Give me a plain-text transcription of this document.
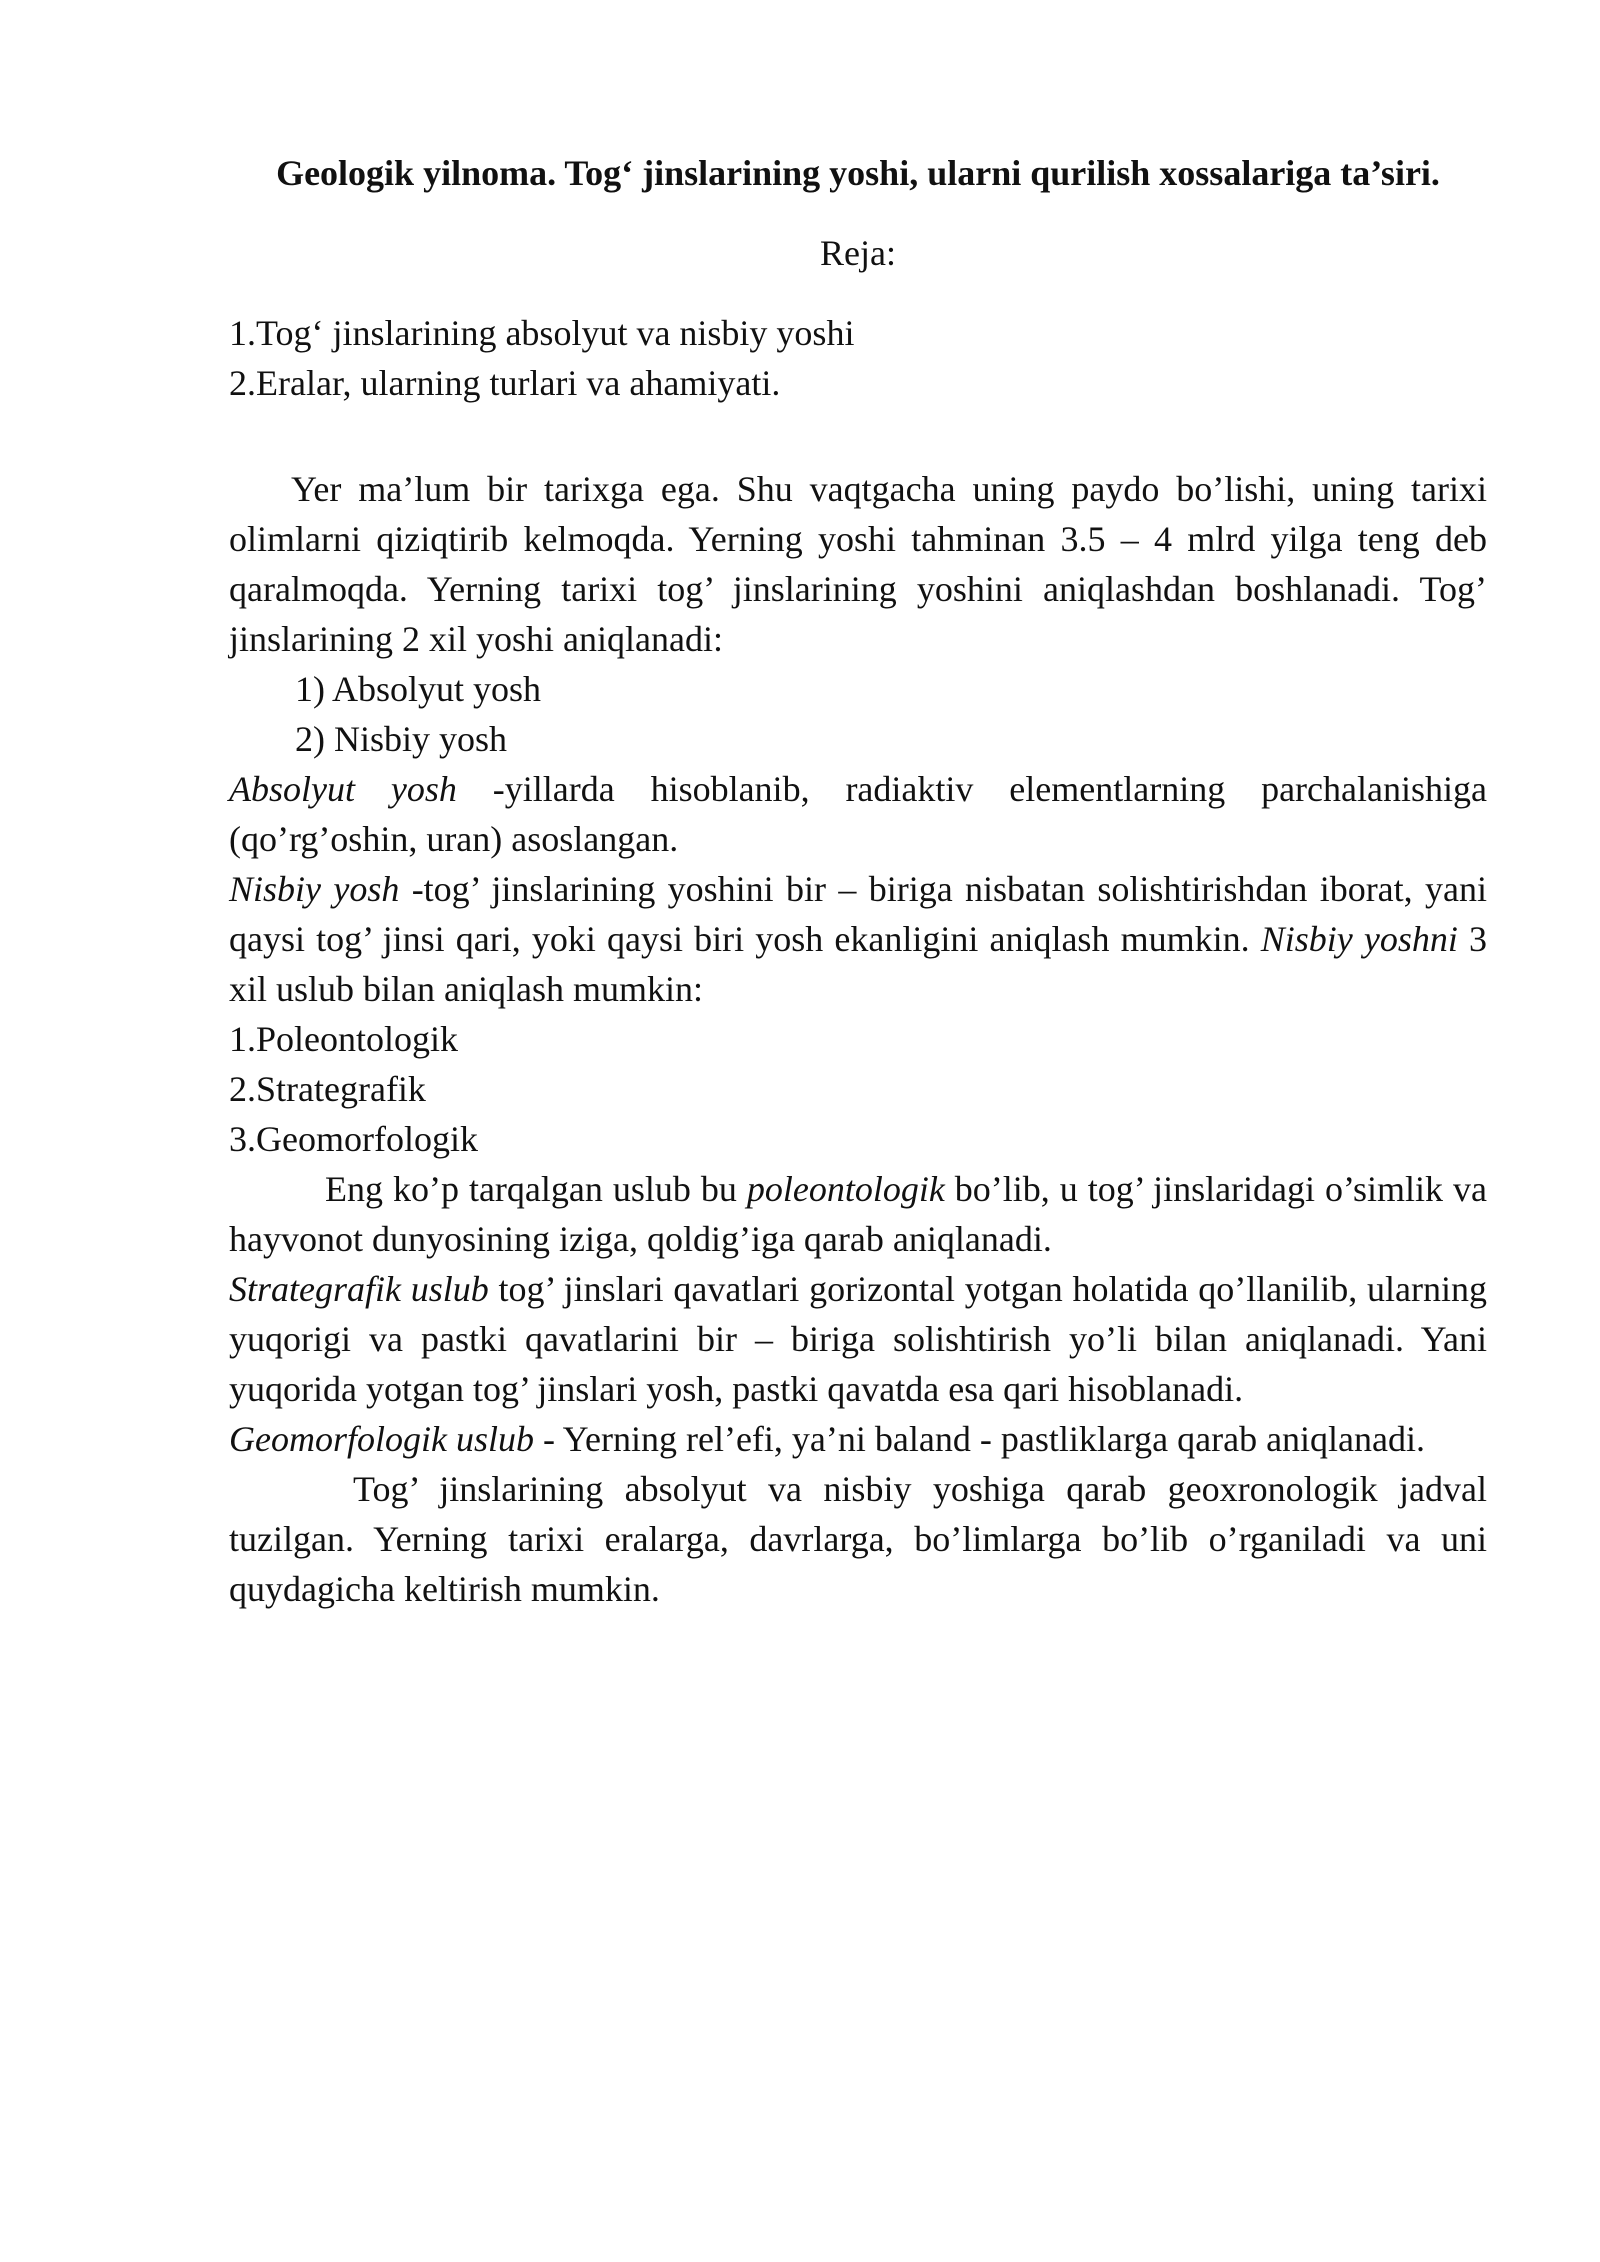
Geologik yilnoma. Tog‘ jinslarining yoshi, ularni qurilish xossalariga ta’siri.
Reja:
1.Tog‘ jinslarining absolyut va nisbiy yoshi
2.Eralar, ularning turlari va ahamiyati.

Yer ma’lum bir tarixga ega. Shu vaqtgacha uning paydo bo’lishi, uning tarixi olimlarni qiziqtirib kelmoqda. Yerning yoshi tahminan 3.5 – 4 mlrd yilga teng deb qaralmoqda. Yerning tarixi tog’ jinslarining yoshini aniqlashdan boshlanadi. Tog’ jinslarining 2 xil yoshi aniqlanadi:

1) Absolyut yosh
2) Nisbiy yosh

Absolyut yosh -yillarda hisoblanib, radiaktiv elementlarning parchalanishiga (qo’rg’oshin, uran) asoslangan.

Nisbiy yosh -tog’ jinslarining yoshini bir – biriga nisbatan solishtirishdan iborat, yani qaysi tog’ jinsi qari, yoki qaysi biri yosh ekanligini aniqlash mumkin. Nisbiy yoshni 3 xil uslub bilan aniqlash mumkin:

1.Poleontologik
2.Strategrafik
3.Geomorfologik

Eng ko’p tarqalgan uslub bu poleontologik bo’lib, u tog’ jinslaridagi o’simlik va hayvonot dunyosining iziga, qoldig’iga qarab aniqlanadi.

Strategrafik uslub tog’ jinslari qavatlari gorizontal yotgan holatida qo’llanilib, ularning yuqorigi va pastki qavatlarini bir – biriga solishtirish yo’li bilan aniqlanadi. Yani yuqorida yotgan tog’ jinslari yosh, pastki qavatda esa qari hisoblanadi.

Geomorfologik uslub - Yerning rel’efi, ya’ni baland - pastliklarga qarab aniqlanadi.

Tog’ jinslarining absolyut va nisbiy yoshiga qarab geoxronologik jadval tuzilgan. Yerning tarixi eralarga, davrlarga, bo’limlarga bo’lib o’rganiladi va uni quydagicha keltirish mumkin.
